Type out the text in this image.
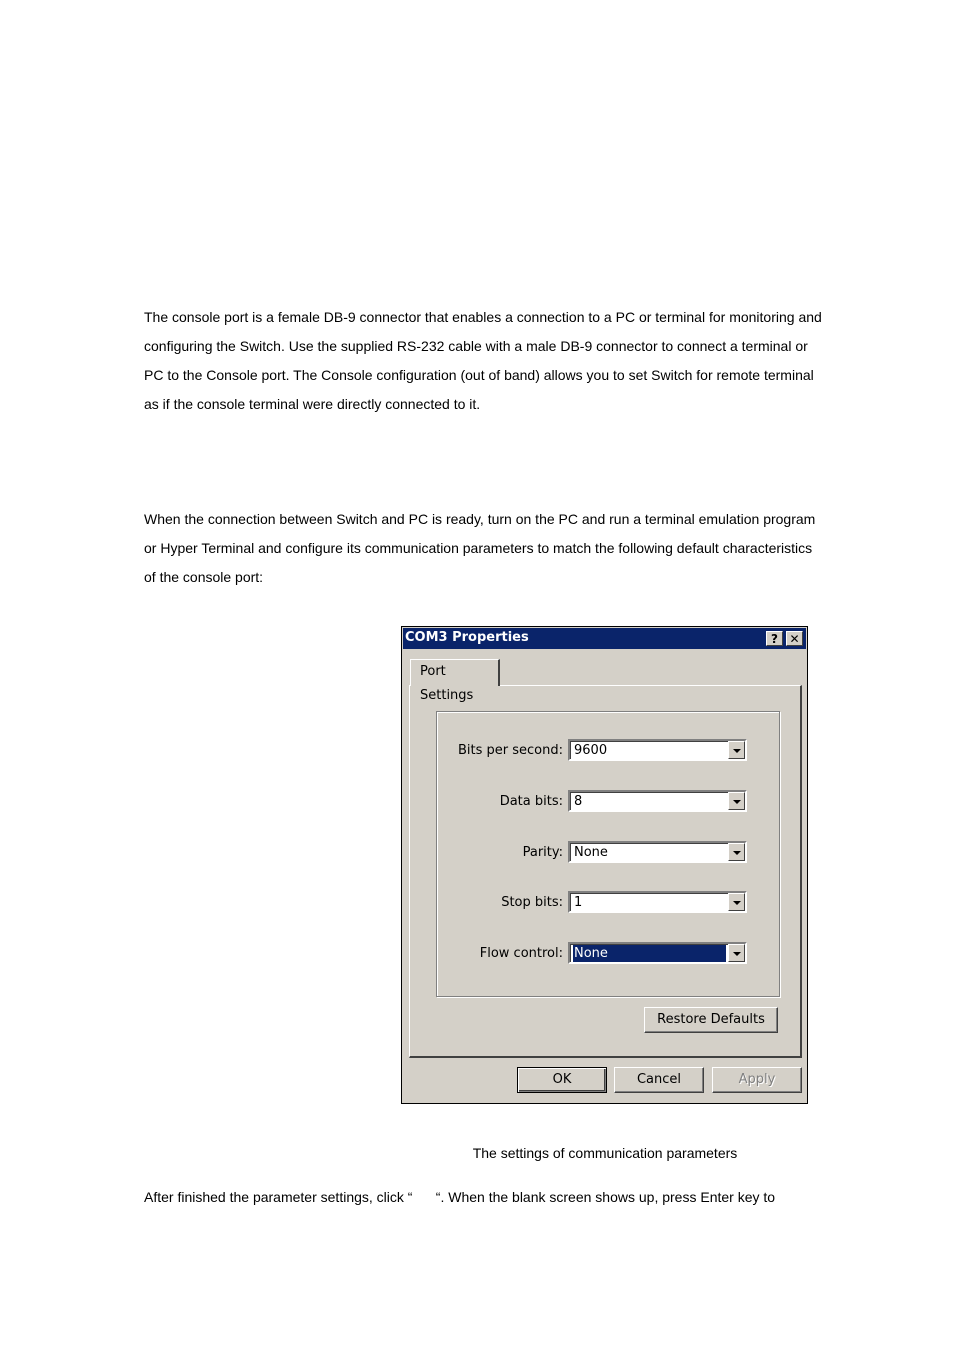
The console port is a female DB-9 connector that enables a connection to a PC or terminal for monitoring and configuring the Switch. Use the supplied RS-232 cable with a male DB-9 connector to connect a terminal or PC to the Console port. The Console configuration (out of band) allows you to set Switch for remote terminal as if the console terminal were directly connected to it.

When the connection between Switch and PC is ready, turn on the PC and run a terminal emulation program or Hyper Terminal and configure its communication parameters to match the following default characteristics of the console port:

COM3 Properties	? ✕
Port Settings
Bits per second: 9600
Data bits: 8
Parity: None
Stop bits: 1
Flow control: None
Restore Defaults
OK	Cancel	Apply
The settings of communication parameters
After finished the parameter settings, click “      “. When the blank screen shows up, press Enter key to
